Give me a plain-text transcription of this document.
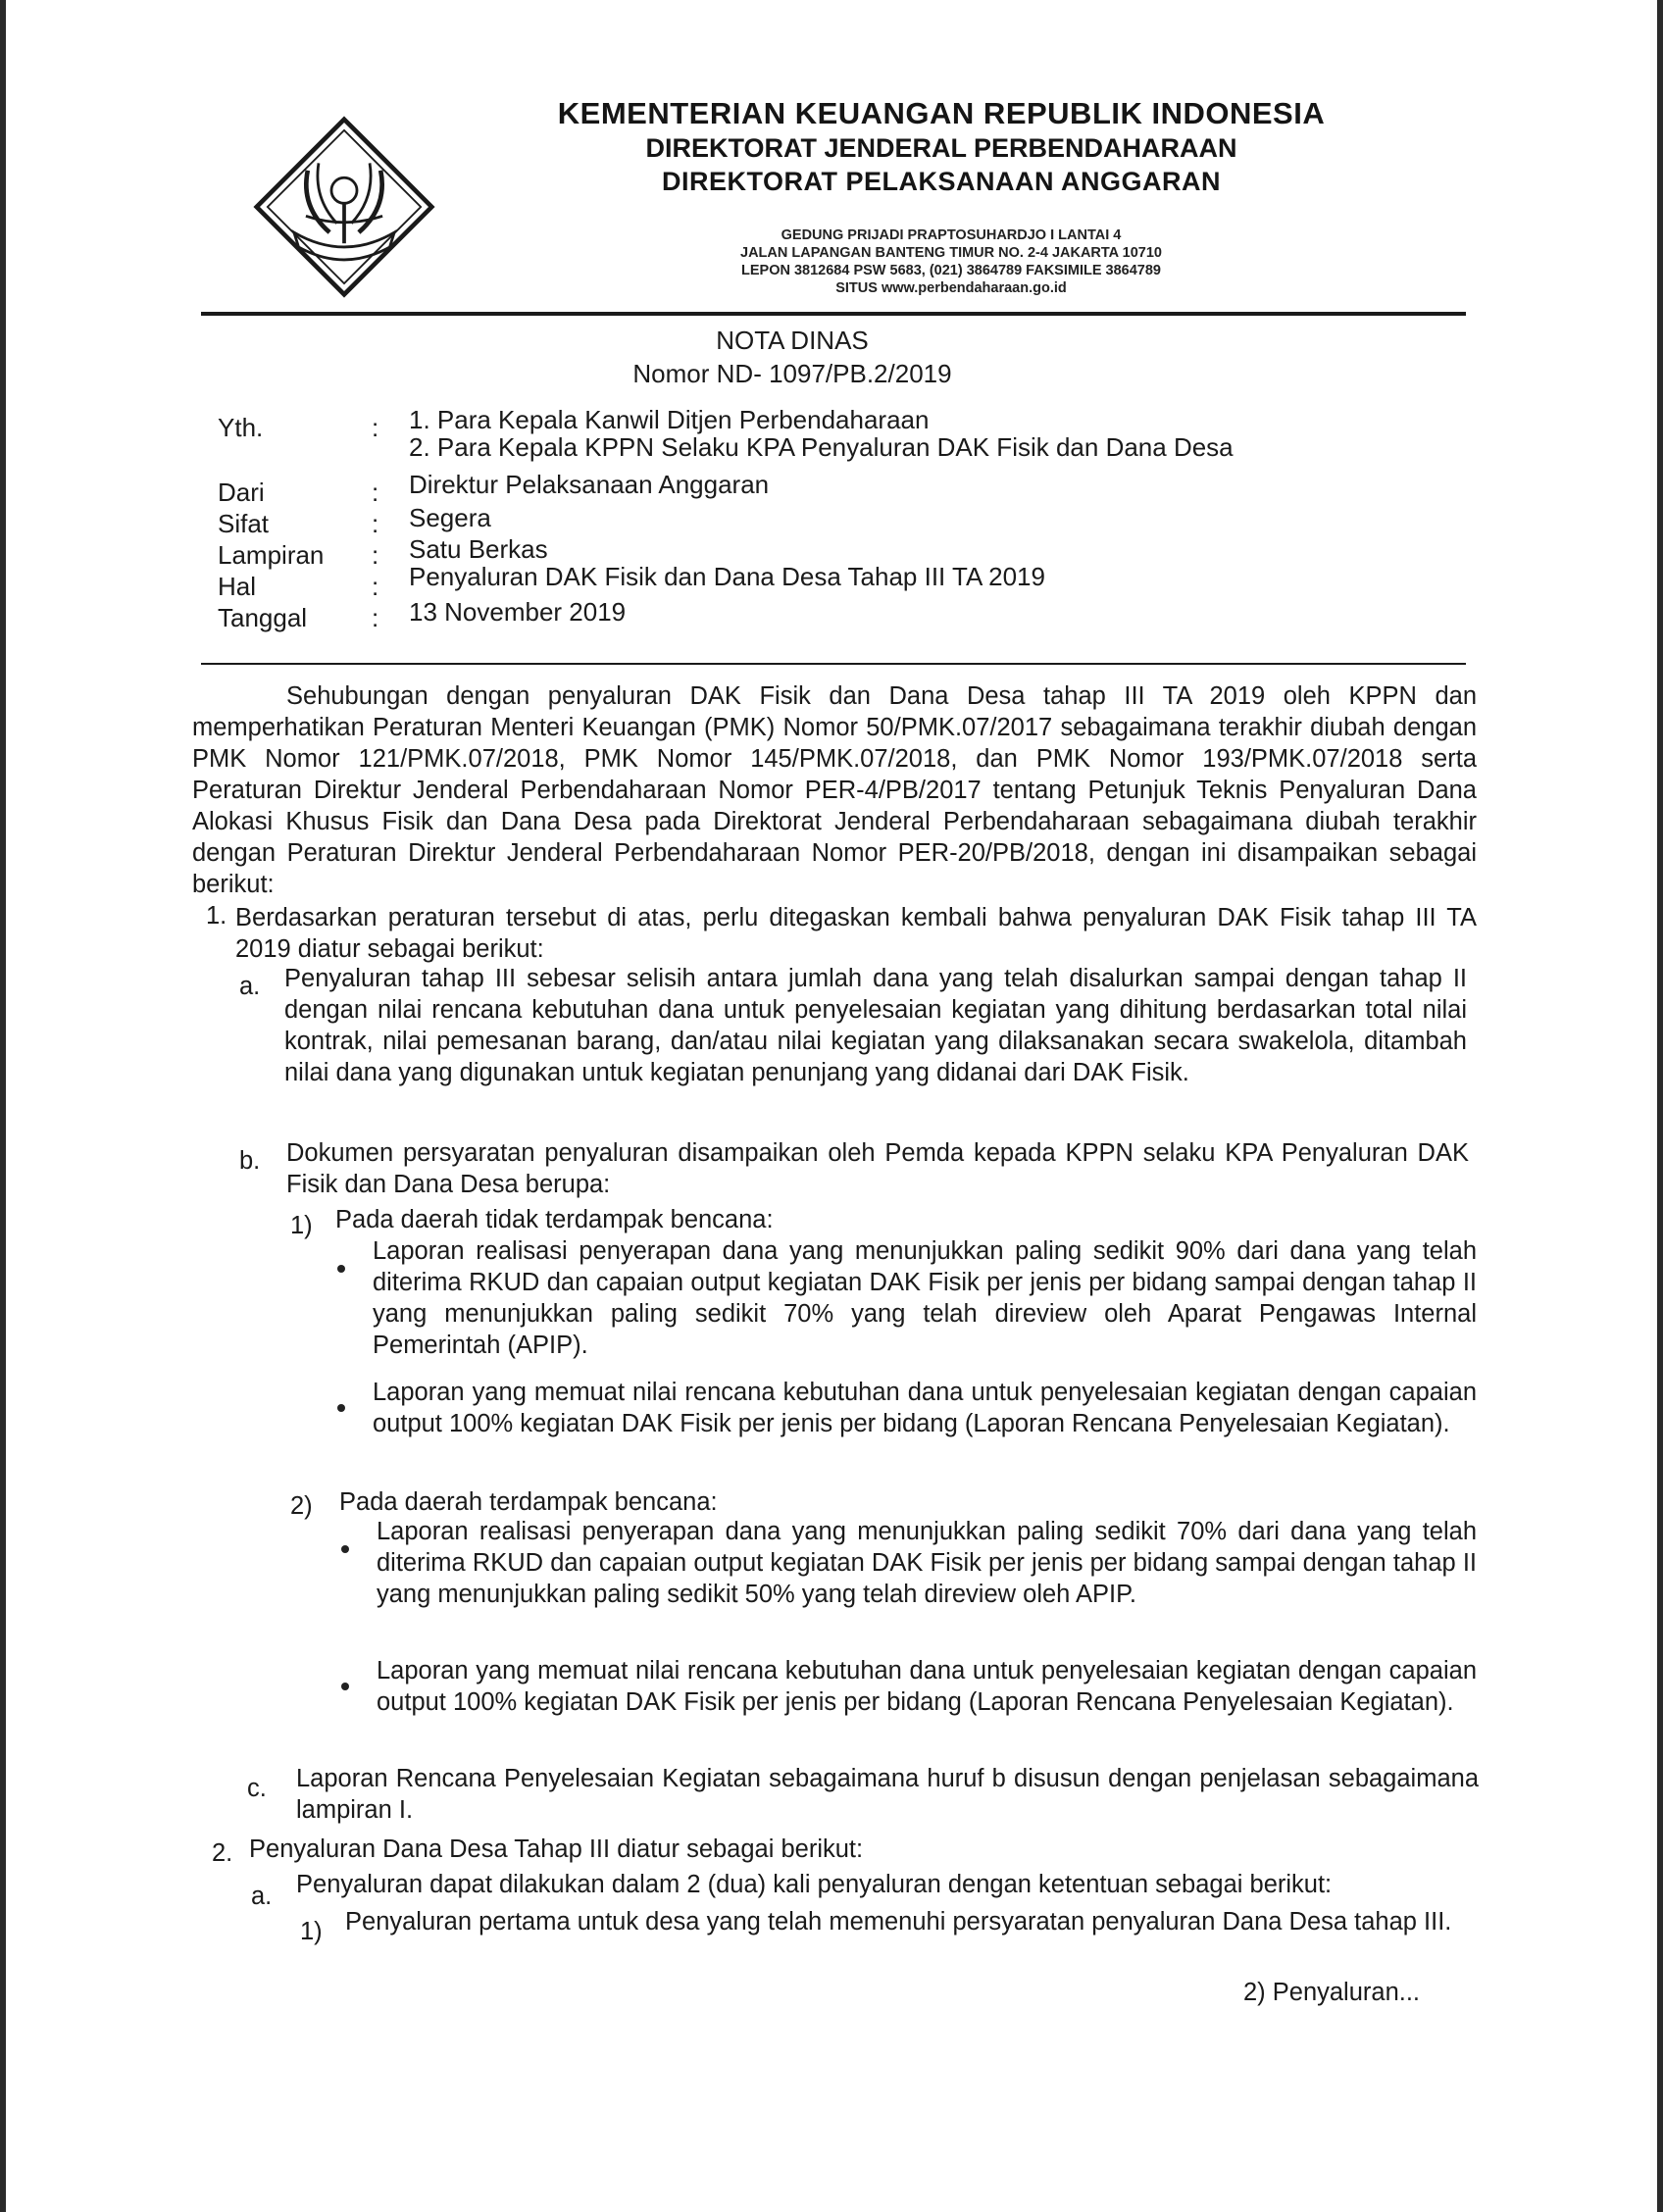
KEMENTERIAN KEUANGAN REPUBLIK INDONESIA
DIREKTORAT JENDERAL PERBENDAHARAAN
DIREKTORAT PELAKSANAAN ANGGARAN
GEDUNG PRIJADI PRAPTOSUHARDJO I LANTAI 4
JALAN LAPANGAN BANTENG TIMUR NO. 2-4 JAKARTA 10710
LEPON 3812684 PSW 5683, (021) 3864789 FAKSIMILE 3864789
SITUS www.perbendaharaan.go.id
NOTA DINAS
Nomor ND- 1097/PB.2/2019
Yth.	: 1. Para Kepala Kanwil Ditjen Perbendaharaan
2. Para Kepala KPPN Selaku KPA Penyaluran DAK Fisik dan Dana Desa
Dari	: Direktur Pelaksanaan Anggaran
Sifat	: Segera
Lampiran : Satu Berkas
Hal	: Penyaluran DAK Fisik dan Dana Desa Tahap III TA 2019
Tanggal	: 13 November 2019
Sehubungan dengan penyaluran DAK Fisik dan Dana Desa tahap III TA 2019 oleh KPPN dan memperhatikan Peraturan Menteri Keuangan (PMK) Nomor 50/PMK.07/2017 sebagaimana terakhir diubah dengan PMK Nomor 121/PMK.07/2018, PMK Nomor 145/PMK.07/2018, dan PMK Nomor 193/PMK.07/2018 serta Peraturan Direktur Jenderal Perbendaharaan Nomor PER-4/PB/2017 tentang Petunjuk Teknis Penyaluran Dana Alokasi Khusus Fisik dan Dana Desa pada Direktorat Jenderal Perbendaharaan sebagaimana diubah terakhir dengan Peraturan Direktur Jenderal Perbendaharaan Nomor PER-20/PB/2018, dengan ini disampaikan sebagai berikut:
1. Berdasarkan peraturan tersebut di atas, perlu ditegaskan kembali bahwa penyaluran DAK Fisik tahap III TA 2019 diatur sebagai berikut:
a. Penyaluran tahap III sebesar selisih antara jumlah dana yang telah disalurkan sampai dengan tahap II dengan nilai rencana kebutuhan dana untuk penyelesaian kegiatan yang dihitung berdasarkan total nilai kontrak, nilai pemesanan barang, dan/atau nilai kegiatan yang dilaksanakan secara swakelola, ditambah nilai dana yang digunakan untuk kegiatan penunjang yang didanai dari DAK Fisik.
b. Dokumen persyaratan penyaluran disampaikan oleh Pemda kepada KPPN selaku KPA Penyaluran DAK Fisik dan Dana Desa berupa:
1) Pada daerah tidak terdampak bencana:
Laporan realisasi penyerapan dana yang menunjukkan paling sedikit 90% dari dana yang telah diterima RKUD dan capaian output kegiatan DAK Fisik per jenis per bidang sampai dengan tahap II yang menunjukkan paling sedikit 70% yang telah direview oleh Aparat Pengawas Internal Pemerintah (APIP).
Laporan yang memuat nilai rencana kebutuhan dana untuk penyelesaian kegiatan dengan capaian output 100% kegiatan DAK Fisik per jenis per bidang (Laporan Rencana Penyelesaian Kegiatan).
2) Pada daerah terdampak bencana:
Laporan realisasi penyerapan dana yang menunjukkan paling sedikit 70% dari dana yang telah diterima RKUD dan capaian output kegiatan DAK Fisik per jenis per bidang sampai dengan tahap II yang menunjukkan paling sedikit 50% yang telah direview oleh APIP.
Laporan yang memuat nilai rencana kebutuhan dana untuk penyelesaian kegiatan dengan capaian output 100% kegiatan DAK Fisik per jenis per bidang (Laporan Rencana Penyelesaian Kegiatan).
c. Laporan Rencana Penyelesaian Kegiatan sebagaimana huruf b disusun dengan penjelasan sebagaimana lampiran I.
2. Penyaluran Dana Desa Tahap III diatur sebagai berikut:
a. Penyaluran dapat dilakukan dalam 2 (dua) kali penyaluran dengan ketentuan sebagai berikut:
1) Penyaluran pertama untuk desa yang telah memenuhi persyaratan penyaluran Dana Desa tahap III.
2) Penyaluran...
